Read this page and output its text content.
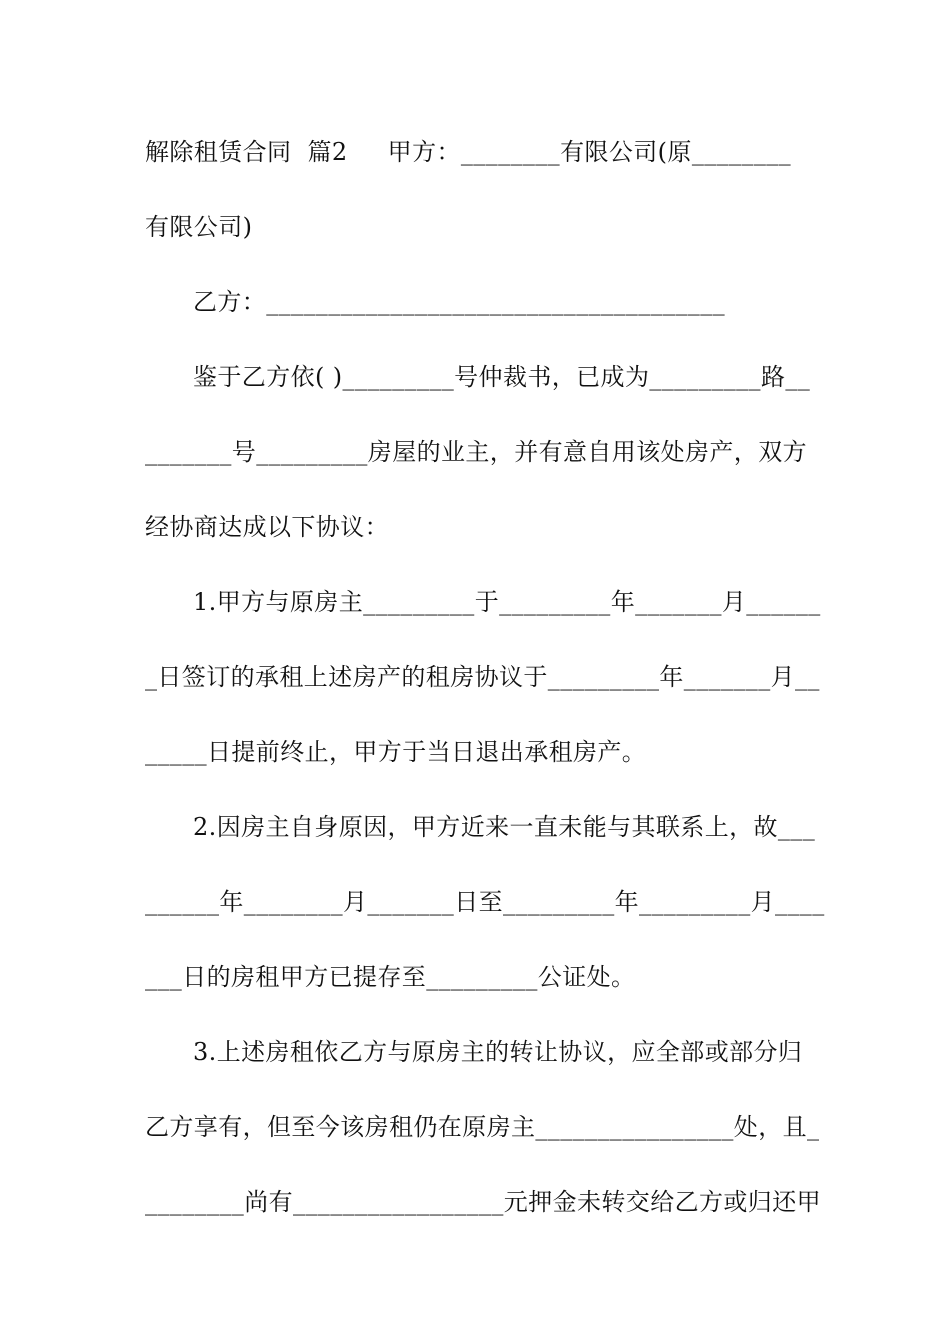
解除租赁合同  篇2     甲方：________有限公司(原________
有限公司)
乙方：_____________________________________
鉴于乙方依( )_________号仲裁书，已成为_________路__
_______号_________房屋的业主，并有意自用该处房产，双方
经协商达成以下协议：
1.甲方与原房主_________于_________年_______月______
_日签订的承租上述房产的租房协议于_________年_______月__
_____日提前终止，甲方于当日退出承租房产。
2.因房主自身原因，甲方近来一直未能与其联系上，故___
______年________月_______日至_________年_________月____
___日的房租甲方已提存至_________公证处。
3.上述房租依乙方与原房主的转让协议，应全部或部分归
乙方享有，但至今该房租仍在原房主________________处，且_
________尚有_________________元押金未转交给乙方或归还甲
